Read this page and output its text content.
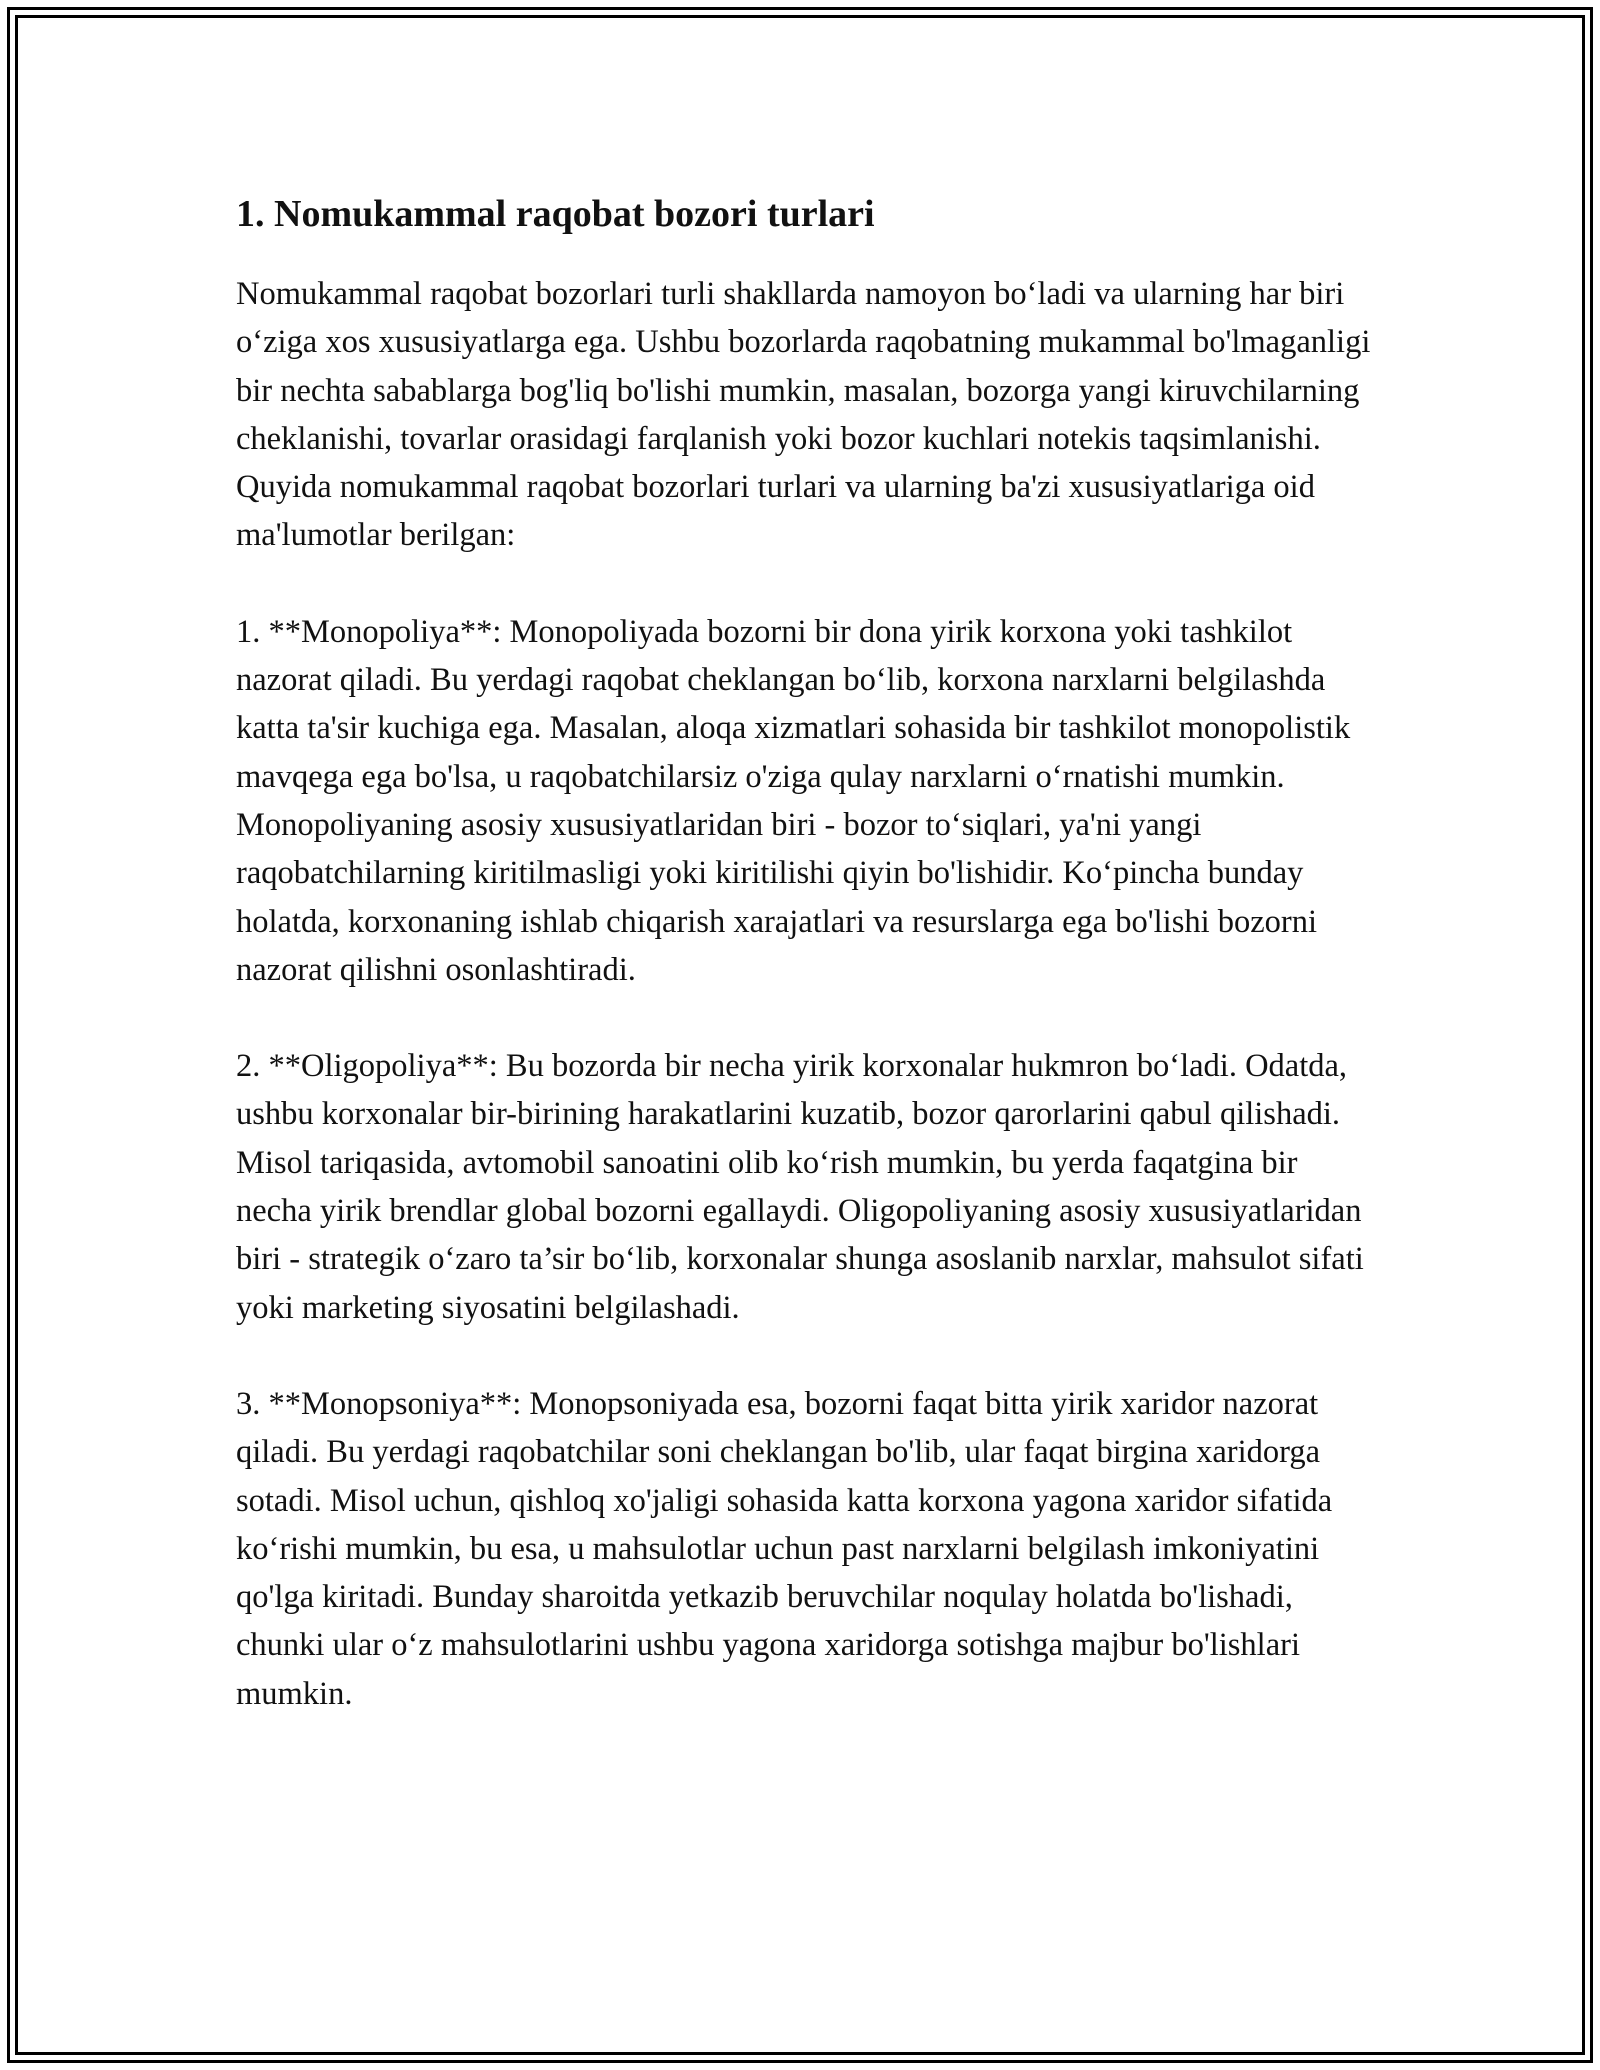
1. Nomukammal raqobat bozori turlari

Nomukammal raqobat bozorlari turli shakllarda namoyon bo‘ladi va ularning har biri o‘ziga xos xususiyatlarga ega. Ushbu bozorlarda raqobatning mukammal bo'lmaganligi bir nechta sabablarga bog'liq bo'lishi mumkin, masalan, bozorga yangi kiruvchilarning cheklanishi, tovarlar orasidagi farqlanish yoki bozor kuchlari notekis taqsimlanishi. Quyida nomukammal raqobat bozorlari turlari va ularning ba'zi xususiyatlariga oid ma'lumotlar berilgan:

1. **Monopoliya**: Monopoliyada bozorni bir dona yirik korxona yoki tashkilot nazorat qiladi. Bu yerdagi raqobat cheklangan bo‘lib, korxona narxlarni belgilashda katta ta'sir kuchiga ega. Masalan, aloqa xizmatlari sohasida bir tashkilot monopolistik mavqega ega bo'lsa, u raqobatchilarsiz o'ziga qulay narxlarni o‘rnatishi mumkin. Monopoliyaning asosiy xususiyatlaridan biri - bozor to‘siqlari, ya'ni yangi raqobatchilarning kiritilmasligi yoki kiritilishi qiyin bo'lishidir. Ko‘pincha bunday holatda, korxonaning ishlab chiqarish xarajatlari va resurslarga ega bo'lishi bozorni nazorat qilishni osonlashtiradi.

2. **Oligopoliya**: Bu bozorda bir necha yirik korxonalar hukmron bo‘ladi. Odatda, ushbu korxonalar bir-birining harakatlarini kuzatib, bozor qarorlarini qabul qilishadi. Misol tariqasida, avtomobil sanoatini olib ko‘rish mumkin, bu yerda faqatgina bir necha yirik brendlar global bozorni egallaydi. Oligopoliyaning asosiy xususiyatlaridan biri - strategik o‘zaro ta’sir bo‘lib, korxonalar shunga asoslanib narxlar, mahsulot sifati yoki marketing siyosatini belgilashadi.

3. **Monopsoniya**: Monopsoniyada esa, bozorni faqat bitta yirik xaridor nazorat qiladi. Bu yerdagi raqobatchilar soni cheklangan bo'lib, ular faqat birgina xaridorga sotadi. Misol uchun, qishloq xo'jaligi sohasida katta korxona yagona xaridor sifatida ko‘rishi mumkin, bu esa, u mahsulotlar uchun past narxlarni belgilash imkoniyatini qo'lga kiritadi. Bunday sharoitda yetkazib beruvchilar noqulay holatda bo'lishadi, chunki ular o‘z mahsulotlarini ushbu yagona xaridorga sotishga majbur bo'lishlari mumkin.
